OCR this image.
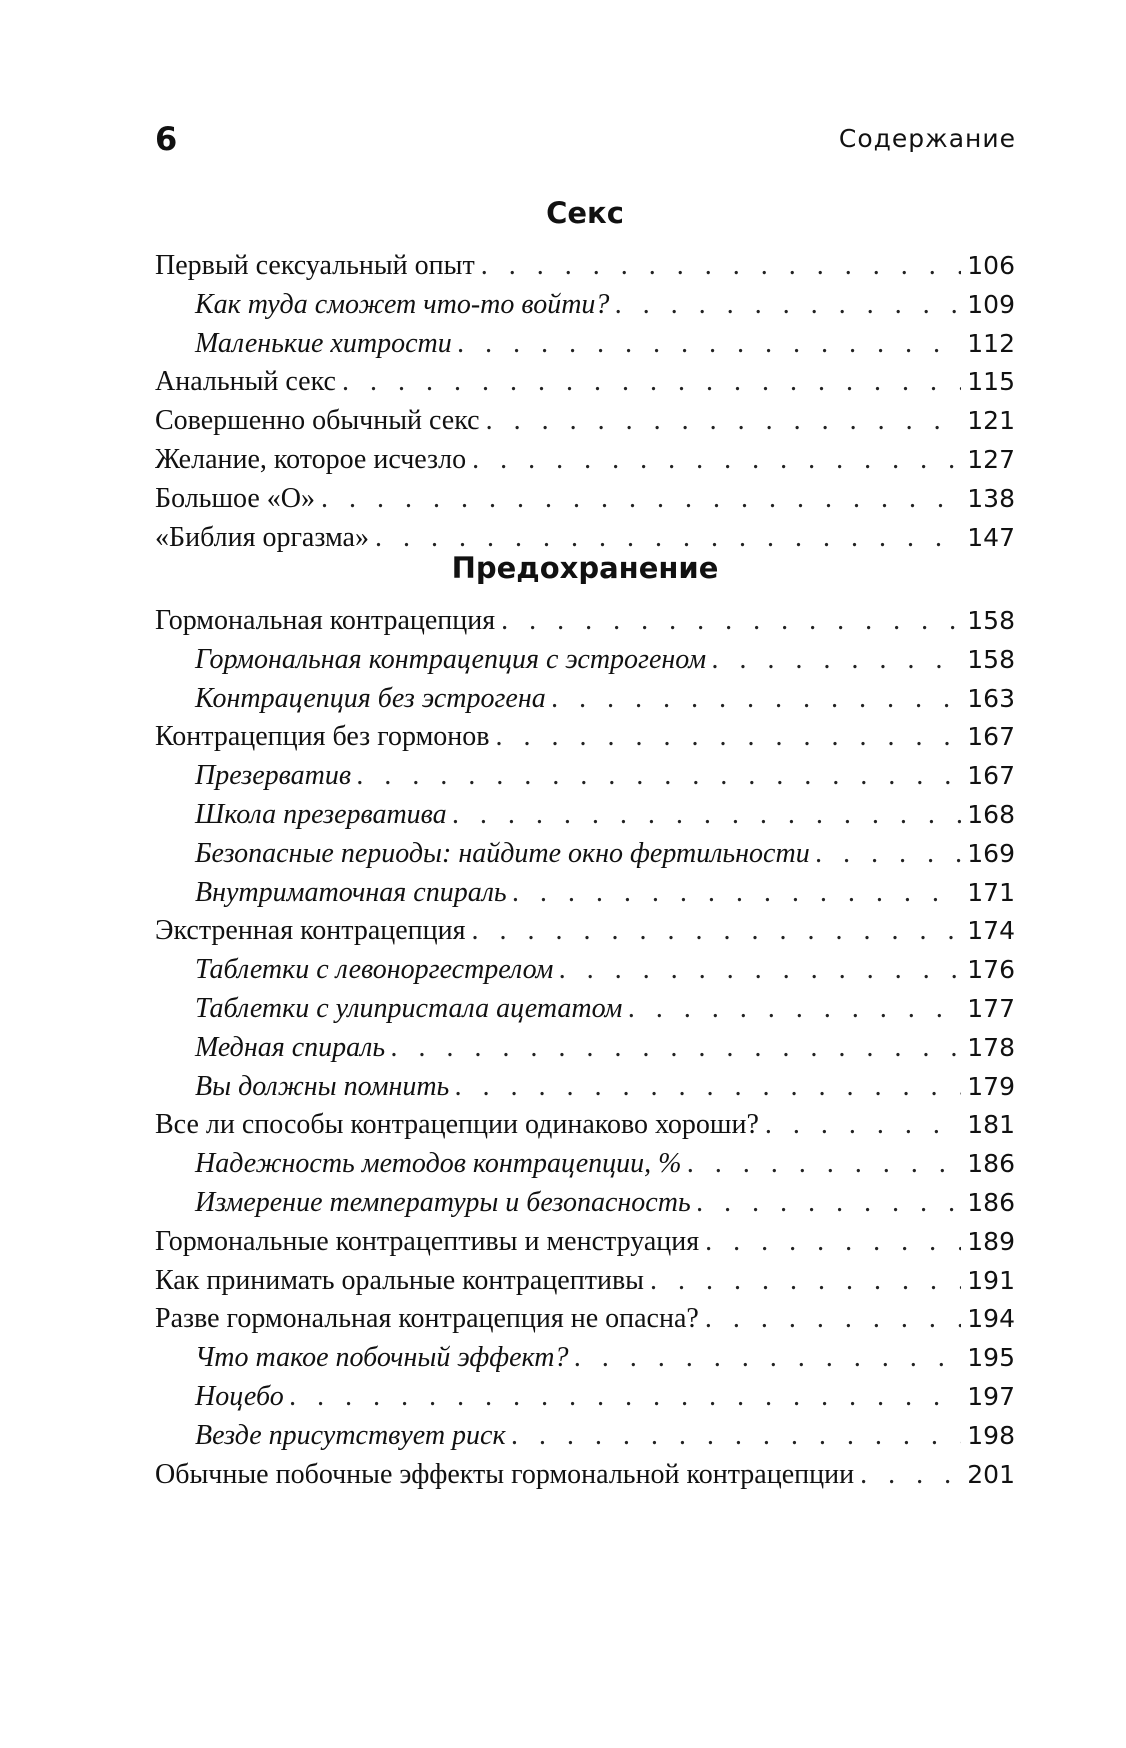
6	Содержание
Секс
Первый сексуальный опыт . . .	106
Как туда сможет что-то войти? . . .	109
Маленькие хитрости . . .	112
Анальный секс . . .	115
Совершенно обычный секс . . .	121
Желание, которое исчезло . . .	127
Большое «О» . . .	138
«Библия оргазма» . . .	147
Предохранение
Гормональная контрацепция . . .	158
Гормональная контрацепция с эстрогеном . . .	158
Контрацепция без эстрогена . . .	163
Контрацепция без гормонов . . .	167
Презерватив . . .	167
Школа презерватива . . .	168
Безопасные периоды: найдите окно фертильности . . .	169
Внутриматочная спираль . . .	171
Экстренная контрацепция . . .	174
Таблетки с левоноргестрелом . . .	176
Таблетки с улипристала ацетатом . . .	177
Медная спираль . . .	178
Вы должны помнить . . .	179
Все ли способы контрацепции одинаково хороши? . . .	181
Надежность методов контрацепции, % . . .	186
Измерение температуры и безопасность . . .	186
Гормональные контрацептивы и менструация . . .	189
Как принимать оральные контрацептивы . . .	191
Разве гормональная контрацепция не опасна? . . .	194
Что такое побочный эффект? . . .	195
Ноцебо . . .	197
Везде присутствует риск . . .	198
Обычные побочные эффекты гормональной контрацепции . . .	201
